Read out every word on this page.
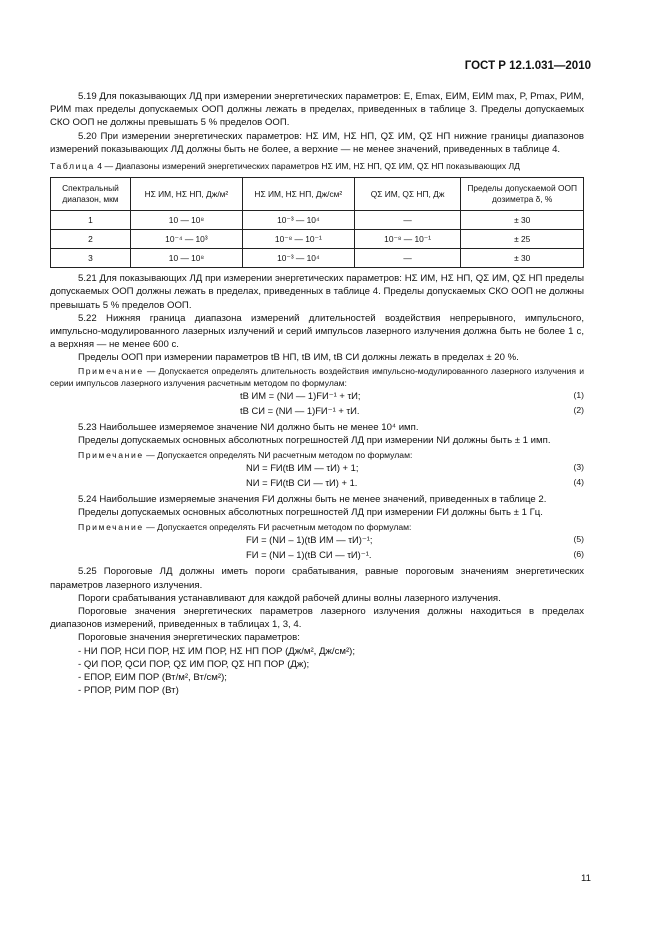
ГОСТ Р 12.1.031—2010

5.19 Для показывающих ЛД при измерении энергетических параметров: E, Emax, EИМ, EИМ max, P, Pmax, PИМ, PИМ max пределы допускаемых ООП должны лежать в пределах, приведенных в таблице 3. Пределы допускаемых СКО ООП не должны превышать 5 % пределов ООП.

5.20 При измерении энергетических параметров: HΣ ИМ, HΣ НП, QΣ ИМ, QΣ НП нижние границы диапазонов измерений показывающих ЛД должны быть не более, а верхние — не менее значений, приведенных в таблице 4.

Таблица 4 — Диапазоны измерений энергетических параметров HΣ ИМ, HΣ НП, QΣ ИМ, QΣ НП показывающих ЛД

Спектральный диапазон, мкм	HΣ ИМ, HΣ НП, Дж/м²	HΣ ИМ, HΣ НП, Дж/см²	QΣ ИМ, QΣ НП, Дж	Пределы допускаемой ООП дозиметра δ, %
1	10 — 10⁸	10⁻³ — 10⁴	—	± 30
2	10⁻⁴ — 10³	10⁻⁸ — 10⁻¹	10⁻⁸ — 10⁻¹	± 25
3	10 — 10⁸	10⁻³ — 10⁴	—	± 30

5.21 Для показывающих ЛД при измерении энергетических параметров: HΣ ИМ, HΣ НП, QΣ ИМ, QΣ НП пределы допускаемых ООП должны лежать в пределах, приведенных в таблице 4. Пределы допускаемых СКО ООП не должны превышать 5 % пределов ООП.

5.22 Нижняя граница диапазона измерений длительностей воздействия непрерывного, импульсного, импульсно-модулированного лазерных излучений и серий импульсов лазерного излучения должна быть не более 1 с, а верхняя — не менее 600 с.

Пределы ООП при измерении параметров tВ НП, tВ ИМ, tВ СИ должны лежать в пределах ± 20 %.

Примечание — Допускается определять длительность воздействия импульсно-модулированного лазерного излучения и серии импульсов лазерного излучения расчетным методом по формулам:

tВ ИМ = (NИ — 1)FИ⁻¹ + τИ;	(1)
tВ СИ = (NИ — 1)FИ⁻¹ + τИ.	(2)

5.23 Наибольшее измеряемое значение NИ должно быть не менее 10⁴ имп.

Пределы допускаемых основных абсолютных погрешностей ЛД при измерении NИ должны быть ± 1 имп.

Примечание — Допускается определять NИ расчетным методом по формулам:

NИ = FИ(tВ ИМ — τИ) + 1;	(3)
NИ = FИ(tВ СИ — τИ) + 1.	(4)

5.24 Наибольшие измеряемые значения FИ должны быть не менее значений, приведенных в таблице 2.

Пределы допускаемых основных абсолютных погрешностей ЛД при измерении FИ должны быть ± 1 Гц.

Примечание — Допускается определять FИ расчетным методом по формулам:

FИ = (NИ – 1)(tВ ИМ — τИ)⁻¹;	(5)
FИ = (NИ – 1)(tВ СИ — τИ)⁻¹.	(6)

5.25 Пороговые ЛД должны иметь пороги срабатывания, равные пороговым значениям энергетических параметров лазерного излучения.

Пороги срабатывания устанавливают для каждой рабочей длины волны лазерного излучения.

Пороговые значения энергетических параметров лазерного излучения должны находиться в пределах диапазонов измерений, приведенных в таблицах 1, 3, 4.

Пороговые значения энергетических параметров:

- HИ ПОР, HСИ ПОР, HΣ ИМ ПОР, HΣ НП ПОР (Дж/м², Дж/см²);

- QИ ПОР, QСИ ПОР, QΣ ИМ ПОР, QΣ НП ПОР (Дж);

- EПОР, EИМ ПОР (Вт/м², Вт/см²);

- PПОР, PИМ ПОР (Вт)

11
